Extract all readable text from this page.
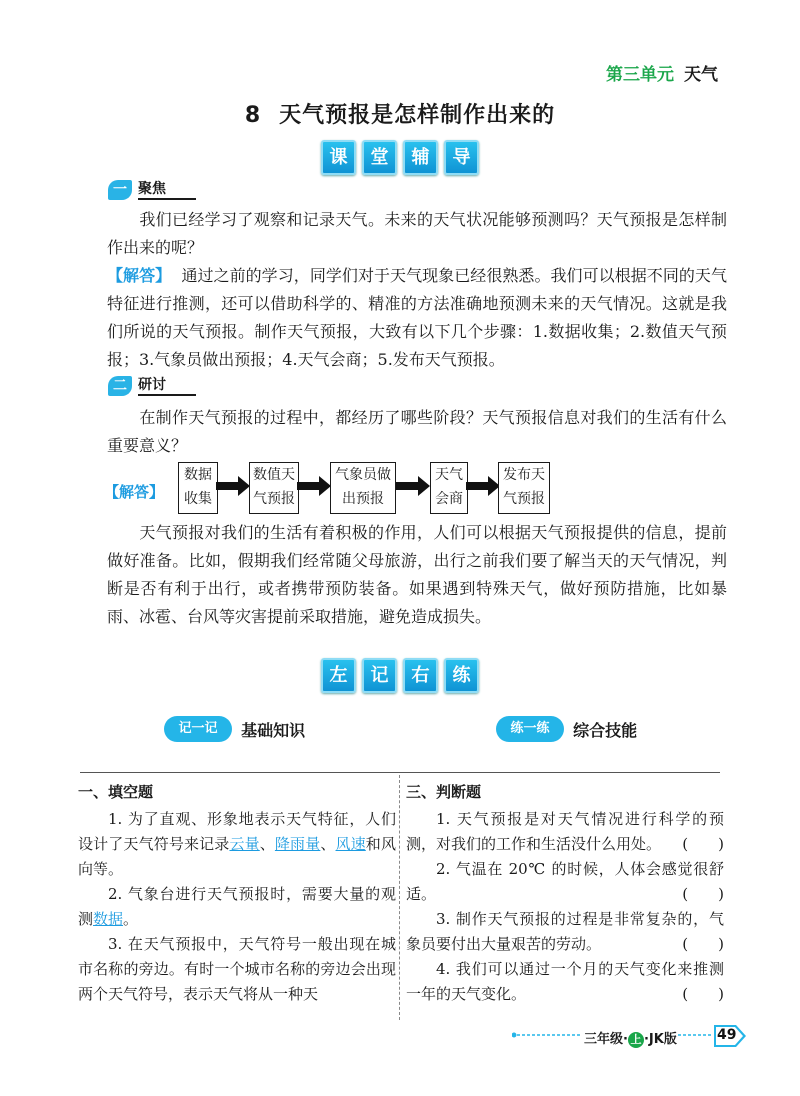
第三单元 天气
8 天气预报是怎样制作出来的
课 堂 辅 导
一 聚焦
我们已经学习了观察和记录天气。未来的天气状况能够预测吗？天气预报是怎样制作出来的呢？
【解答】 通过之前的学习，同学们对于天气现象已经很熟悉。我们可以根据不同的天气特征进行推测，还可以借助科学的、精准的方法准确地预测未来的天气情况。这就是我们所说的天气预报。制作天气预报，大致有以下几个步骤：1.数据收集；2.数值天气预报；3.气象员做出预报；4.天气会商；5.发布天气预报。
二 研讨
在制作天气预报的过程中，都经历了哪些阶段？天气预报信息对我们的生活有什么重要意义？
【解答】
数据
收集
数值天
气预报
气象员做
出预报
天气
会商
发布天
气预报
天气预报对我们的生活有着积极的作用，人们可以根据天气预报提供的信息，提前做好准备。比如，假期我们经常随父母旅游，出行之前我们要了解当天的天气情况，判断是否有利于出行，或者携带预防装备。如果遇到特殊天气，做好预防措施，比如暴雨、冰雹、台风等灾害提前采取措施，避免造成损失。
左 记 右 练
记一记 基础知识	练一练 综合技能
一、填空题

1. 为了直观、形象地表示天气特征，人们设计了天气符号来记录云量、降雨量、风速和风向等。

2. 气象台进行天气预报时，需要大量的观测数据。

3. 在天气预报中，天气符号一般出现在城市名称的旁边。有时一个城市名称的旁边会出现两个天气符号，表示天气将从一种天

三、判断题

1. 天气预报是对天气情况进行科学的预测，对我们的工作和生活没什么用处。 (　　)

2. 气温在 20℃ 的时候，人体会感觉很舒适。	(　　)

3. 制作天气预报的过程是非常复杂的，气象员要付出大量艰苦的劳动。	(　　)

4. 我们可以通过一个月的天气变化来推测一年的天气变化。	(　　)

三年级· 上 ·JK版	49
